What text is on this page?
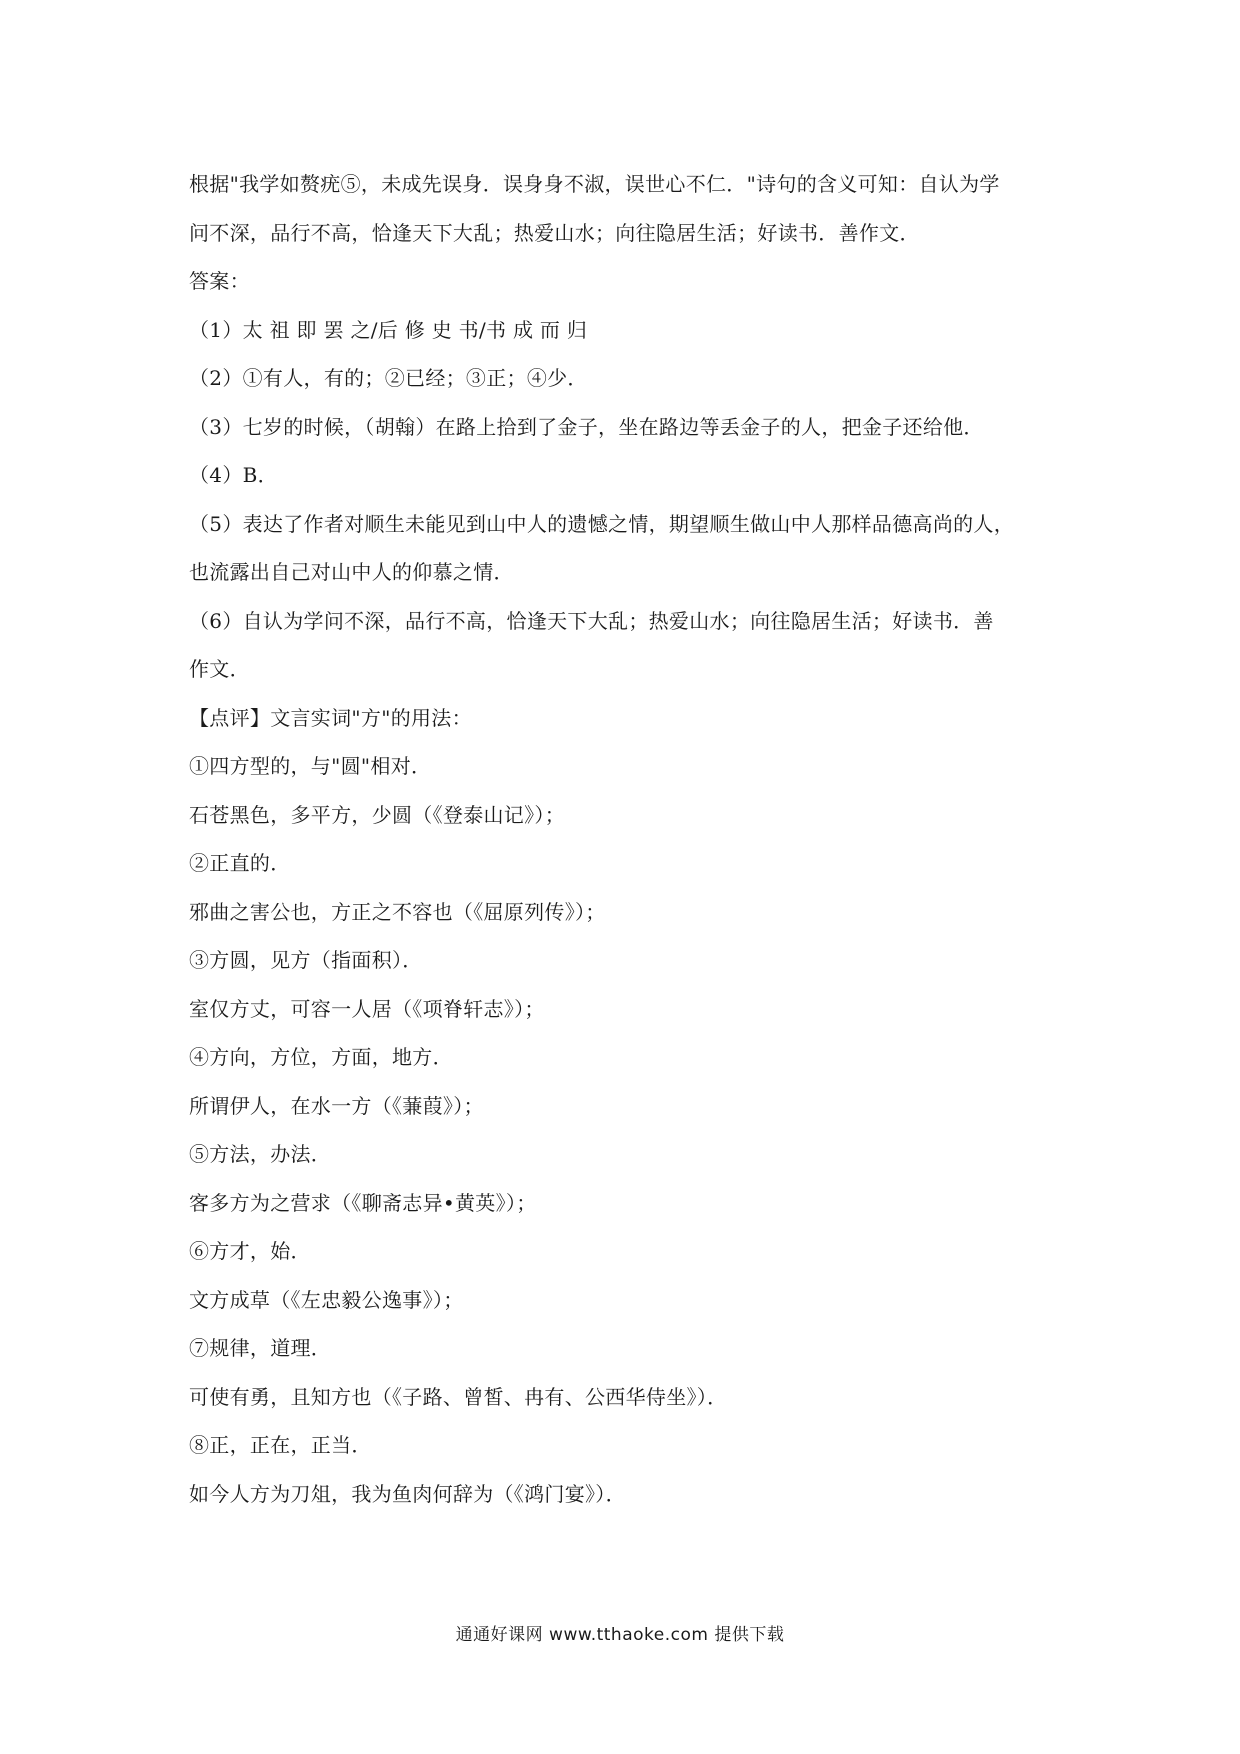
根据"我学如赘疣⑤，未成先误身．误身身不淑，误世心不仁．"诗句的含义可知：自认为学
问不深，品行不高，恰逢天下大乱；热爱山水；向往隐居生活；好读书．善作文．
答案：
（1）太 祖 即 罢 之/后 修 史 书/书 成 而 归
（2）①有人，有的；②已经；③正；④少．
（3）七岁的时候，（胡翰）在路上拾到了金子，坐在路边等丢金子的人，把金子还给他．
（4）B．
（5）表达了作者对顺生未能见到山中人的遗憾之情，期望顺生做山中人那样品德高尚的人，
也流露出自己对山中人的仰慕之情．
（6）自认为学问不深，品行不高，恰逢天下大乱；热爱山水；向往隐居生活；好读书．善
作文．
【点评】文言实词"方"的用法：
①四方型的，与"圆"相对．
石苍黑色，多平方，少圆（《登泰山记》）；
②正直的．
邪曲之害公也，方正之不容也（《屈原列传》）；
③方圆，见方（指面积）．
室仅方丈，可容一人居（《项脊轩志》）；
④方向，方位，方面，地方．
所谓伊人，在水一方（《蒹葭》）；
⑤方法，办法．
客多方为之营求（《聊斋志异•黄英》）；
⑥方才，始．
文方成草（《左忠毅公逸事》）；
⑦规律，道理．
可使有勇，且知方也（《子路、曾皙、冉有、公西华侍坐》）．
⑧正，正在，正当．
如今人方为刀俎，我为鱼肉何辞为（《鸿门宴》）．
通通好课网 www.tthaoke.com 提供下载
